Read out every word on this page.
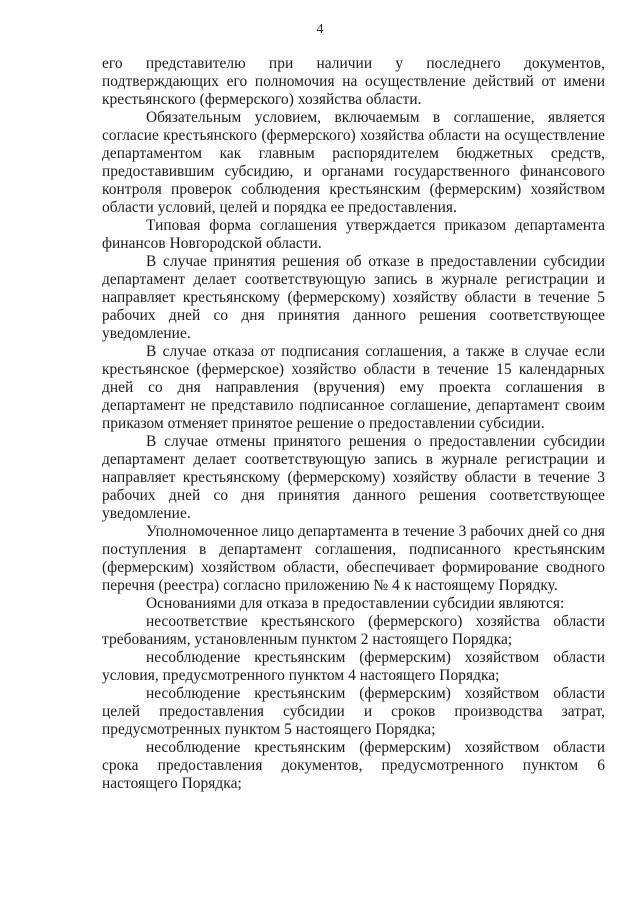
4

его представителю при наличии у последнего документов, подтверждающих его полномочия на осуществление действий от имени крестьянского (фермерского) хозяйства области.

Обязательным условием, включаемым в соглашение, является согласие крестьянского (фермерского) хозяйства области на осуществление департаментом как главным распорядителем бюджетных средств, предоставившим субсидию, и органами государственного финансового контроля проверок соблюдения крестьянским (фермерским) хозяйством области условий, целей и порядка ее предоставления.

Типовая форма соглашения утверждается приказом департамента финансов Новгородской области.

В случае принятия решения об отказе в предоставлении субсидии департамент делает соответствующую запись в журнале регистрации и направляет крестьянскому (фермерскому) хозяйству области в течение 5 рабочих дней со дня принятия данного решения соответствующее уведомление.

В случае отказа от подписания соглашения, а также в случае если крестьянское (фермерское) хозяйство области в течение 15 календарных дней со дня направления (вручения) ему проекта соглашения в департамент не представило подписанное соглашение, департамент своим приказом отменяет принятое решение о предоставлении субсидии.

В случае отмены принятого решения о предоставлении субсидии департамент делает соответствующую запись в журнале регистрации и направляет крестьянскому (фермерскому) хозяйству области в течение 3 рабочих дней со дня принятия данного решения соответствующее уведомление.

Уполномоченное лицо департамента в течение 3 рабочих дней со дня поступления в департамент соглашения, подписанного крестьянским (фермерским) хозяйством области, обеспечивает формирование сводного перечня (реестра) согласно приложению № 4 к настоящему Порядку.

Основаниями для отказа в предоставлении субсидии являются:

несоответствие крестьянского (фермерского) хозяйства области требованиям, установленным пунктом 2 настоящего Порядка;

несоблюдение крестьянским (фермерским) хозяйством области условия, предусмотренного пунктом 4 настоящего Порядка;

несоблюдение крестьянским (фермерским) хозяйством области целей предоставления субсидии и сроков производства затрат, предусмотренных пунктом 5 настоящего Порядка;

несоблюдение крестьянским (фермерским) хозяйством области срока предоставления документов, предусмотренного пунктом 6 настоящего Порядка;
